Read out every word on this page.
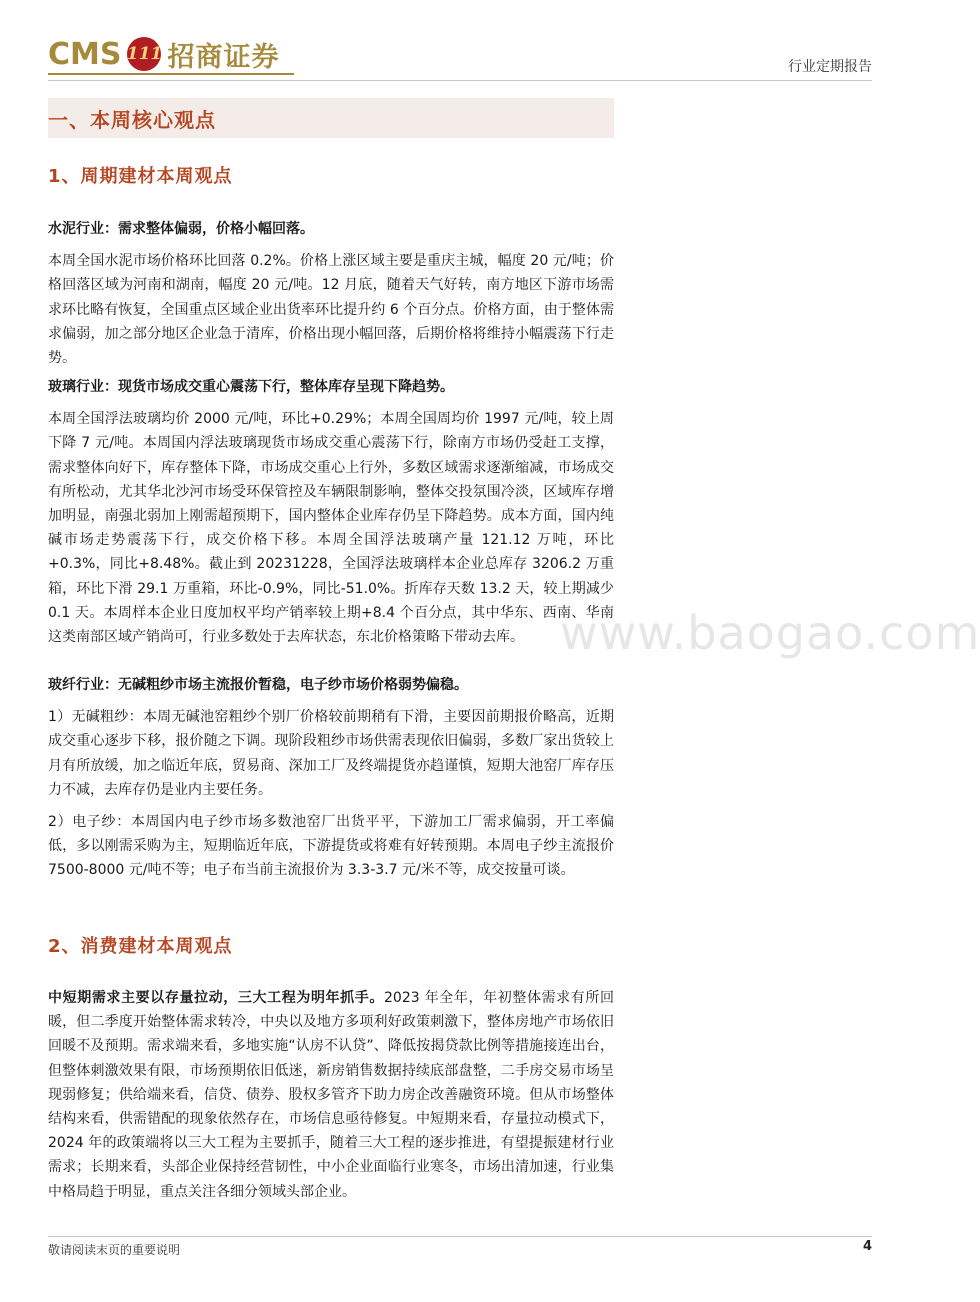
CMS 111 招商证券	行业定期报告
一、本周核心观点
1、周期建材本周观点

水泥行业：需求整体偏弱，价格小幅回落。

本周全国水泥市场价格环比回落 0.2%。价格上涨区域主要是重庆主城，幅度 20 元/吨；价格回落区域为河南和湖南，幅度 20 元/吨。12 月底，随着天气好转，南方地区下游市场需求环比略有恢复，全国重点区域企业出货率环比提升约 6 个百分点。价格方面，由于整体需求偏弱，加之部分地区企业急于清库，价格出现小幅回落，后期价格将维持小幅震荡下行走势。

玻璃行业：现货市场成交重心震荡下行，整体库存呈现下降趋势。

本周全国浮法玻璃均价 2000 元/吨，环比+0.29%；本周全国周均价 1997 元/吨，较上周下降 7 元/吨。本周国内浮法玻璃现货市场成交重心震荡下行，除南方市场仍受赶工支撑，需求整体向好下，库存整体下降，市场成交重心上行外，多数区域需求逐渐缩减，市场成交有所松动，尤其华北沙河市场受环保管控及车辆限制影响，整体交投氛围冷淡，区域库存增加明显，南强北弱加上刚需超预期下，国内整体企业库存仍呈下降趋势。成本方面，国内纯碱市场走势震荡下行，成交价格下移。本周全国浮法玻璃产量 121.12 万吨，环比+0.3%，同比+8.48%。截止到 20231228，全国浮法玻璃样本企业总库存 3206.2 万重箱，环比下滑 29.1 万重箱，环比-0.9%，同比-51.0%。折库存天数 13.2 天，较上期减少 0.1 天。本周样本企业日度加权平均产销率较上期+8.4 个百分点，其中华东、西南、华南这类南部区域产销尚可，行业多数处于去库状态，东北价格策略下带动去库。

玻纤行业：无碱粗纱市场主流报价暂稳，电子纱市场价格弱势偏稳。

1）无碱粗纱：本周无碱池窑粗纱个别厂价格较前期稍有下滑，主要因前期报价略高，近期成交重心逐步下移，报价随之下调。现阶段粗纱市场供需表现依旧偏弱，多数厂家出货较上月有所放缓，加之临近年底，贸易商、深加工厂及终端提货亦趋谨慎，短期大池窑厂库存压力不减，去库存仍是业内主要任务。

2）电子纱：本周国内电子纱市场多数池窑厂出货平平，下游加工厂需求偏弱，开工率偏低，多以刚需采购为主，短期临近年底，下游提货或将难有好转预期。本周电子纱主流报价 7500-8000 元/吨不等；电子布当前主流报价为 3.3-3.7 元/米不等，成交按量可谈。

2、消费建材本周观点

中短期需求主要以存量拉动，三大工程为明年抓手。2023 年全年，年初整体需求有所回暖，但二季度开始整体需求转冷，中央以及地方多项利好政策刺激下，整体房地产市场依旧回暖不及预期。需求端来看，多地实施“认房不认贷”、降低按揭贷款比例等措施接连出台，但整体刺激效果有限，市场预期依旧低迷，新房销售数据持续底部盘整，二手房交易市场呈现弱修复；供给端来看，信贷、债券、股权多管齐下助力房企改善融资环境。但从市场整体结构来看，供需错配的现象依然存在，市场信息亟待修复。中短期来看，存量拉动模式下，2024 年的政策端将以三大工程为主要抓手，随着三大工程的逐步推进，有望提振建材行业需求；长期来看，头部企业保持经营韧性，中小企业面临行业寒冬，市场出清加速，行业集中格局趋于明显，重点关注各细分领域头部企业。

www.baogao.com
敬请阅读末页的重要说明	4
